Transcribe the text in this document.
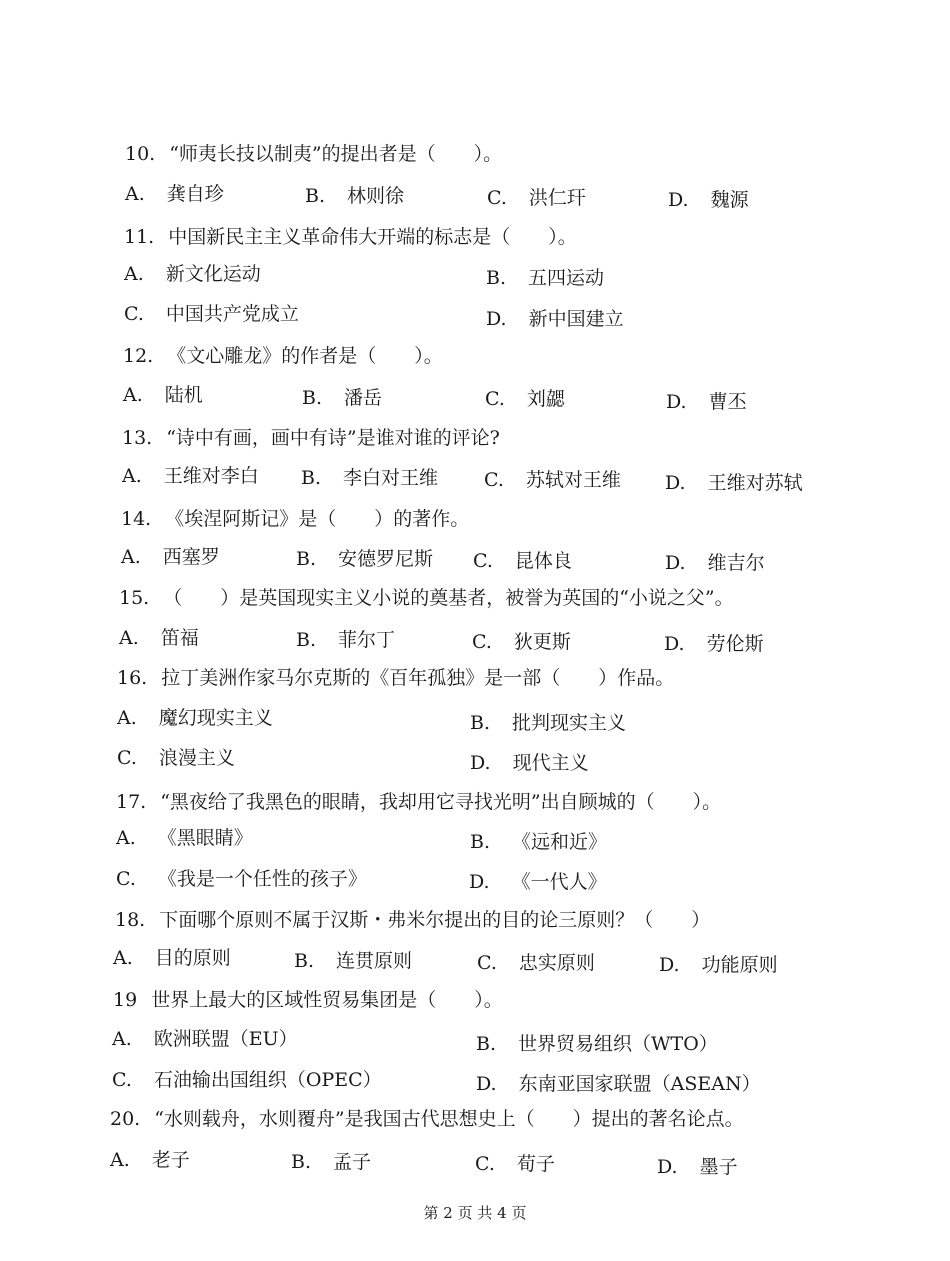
10. “师夷长技以制夷”的提出者是（　　）。
A. 龚自珍	B. 林则徐	C. 洪仁玕	D. 魏源
11. 中国新民主主义革命伟大开端的标志是（　　）。
A. 新文化运动	B. 五四运动
C. 中国共产党成立	D. 新中国建立
12. 《文心雕龙》的作者是（　　）。
A. 陆机	B. 潘岳	C. 刘勰	D. 曹丕
13. “诗中有画，画中有诗”是谁对谁的评论?
A. 王维对李白 B. 李白对王维 C. 苏轼对王维 D. 王维对苏轼
14. 《埃涅阿斯记》是（　　）的著作。
A. 西塞罗	B. 安德罗尼斯 C. 昆体良	D. 维吉尔
15. （　　）是英国现实主义小说的奠基者，被誉为英国的“小说之父”。
A. 笛福	B. 菲尔丁	C. 狄更斯	D. 劳伦斯
16. 拉丁美洲作家马尔克斯的《百年孤独》是一部（　　）作品。
A. 魔幻现实主义	B. 批判现实主义
C. 浪漫主义	D. 现代主义
17. “黑夜给了我黑色的眼睛，我却用它寻找光明”出自顾城的（　　）。
A. 《黑眼睛》	B. 《远和近》
C. 《我是一个任性的孩子》	D. 《一代人》
18. 下面哪个原则不属于汉斯・弗米尔提出的目的论三原则？（　　）
A. 目的原则	B. 连贯原则	C. 忠实原则	D. 功能原则
19 世界上最大的区域性贸易集团是（　　）。
A. 欧洲联盟（EU）	B. 世界贸易组织（WTO）
C. 石油输出国组织（OPEC）	D. 东南亚国家联盟（ASEAN）
20. “水则载舟，水则覆舟”是我国古代思想史上（　　）提出的著名论点。
A. 老子	B. 孟子	C. 荀子	D. 墨子
第 2 页 共 4 页
